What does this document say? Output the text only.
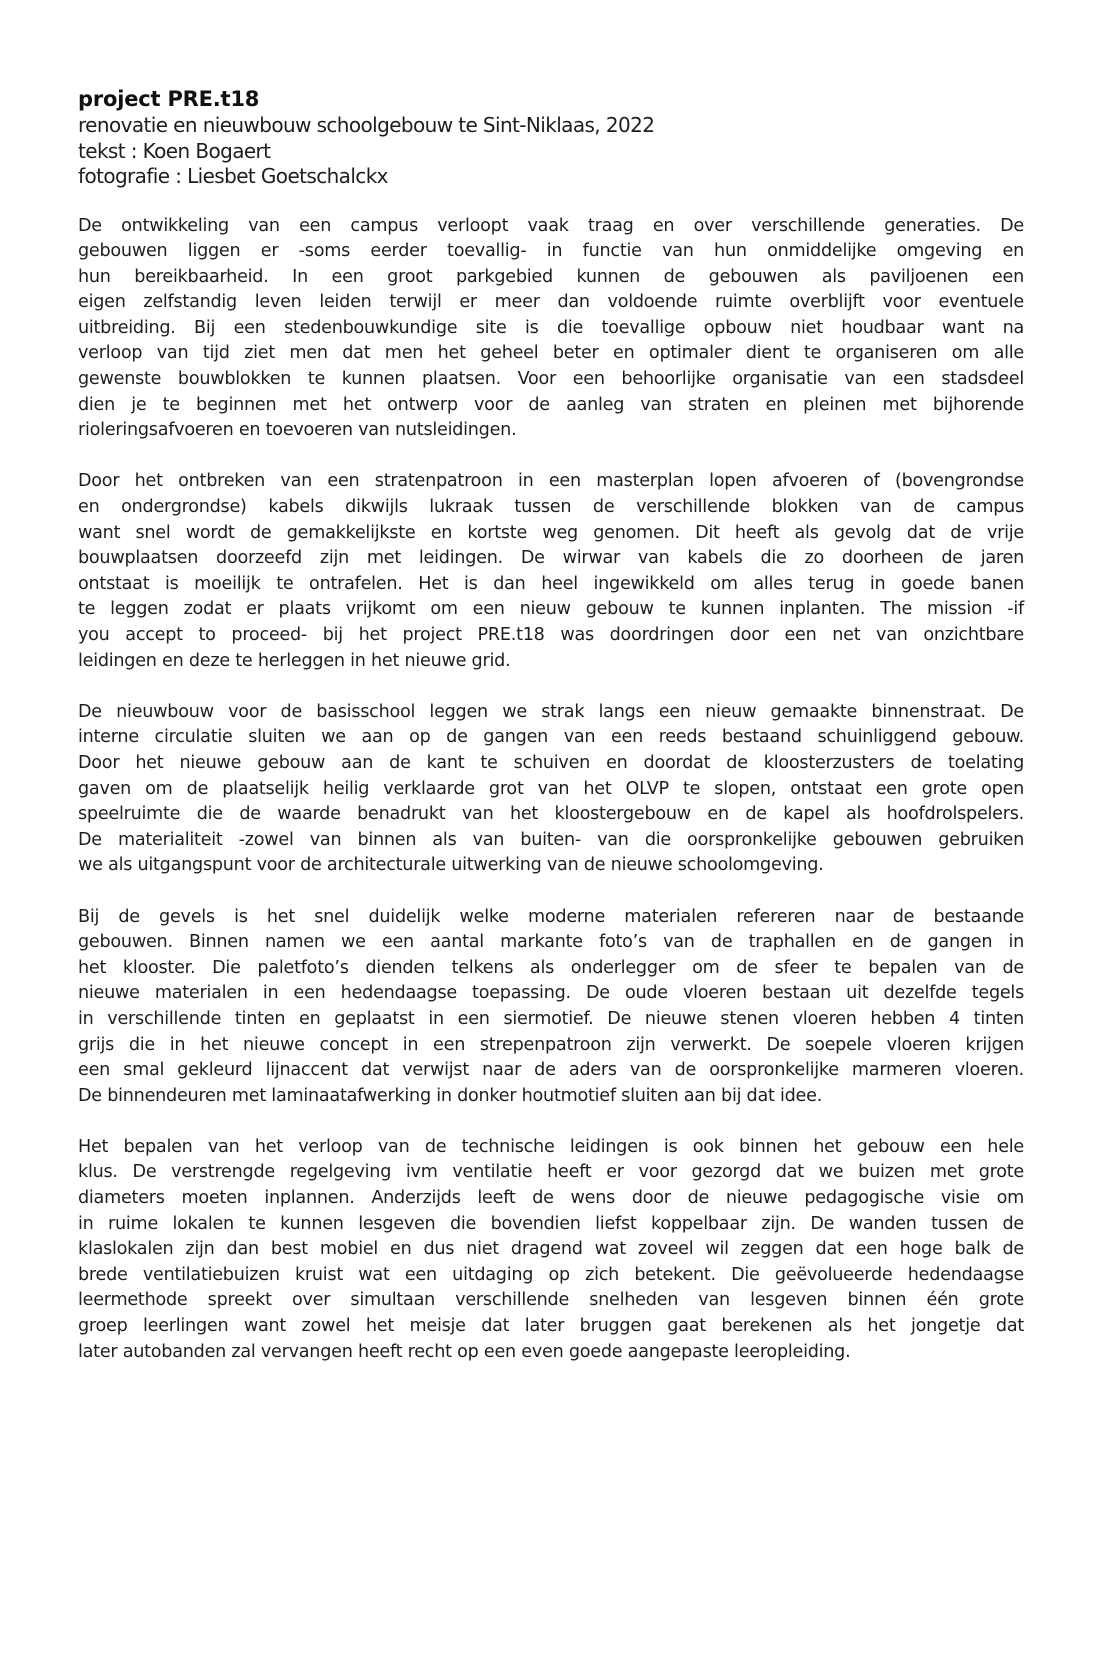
project PRE.t18

renovatie en nieuwbouw schoolgebouw te Sint-Niklaas, 2022

tekst : Koen Bogaert

fotografie : Liesbet Goetschalckx

De ontwikkeling van een campus verloopt vaak traag en over verschillende generaties. De
gebouwen liggen er -soms eerder toevallig- in functie van hun onmiddelijke omgeving en
hun bereikbaarheid. In een groot parkgebied kunnen de gebouwen als paviljoenen een
eigen zelfstandig leven leiden terwijl er meer dan voldoende ruimte overblijft voor eventuele
uitbreiding. Bij een stedenbouwkundige site is die toevallige opbouw niet houdbaar want na
verloop van tijd ziet men dat men het geheel beter en optimaler dient te organiseren om alle
gewenste bouwblokken te kunnen plaatsen. Voor een behoorlijke organisatie van een stadsdeel
dien je te beginnen met het ontwerp voor de aanleg van straten en pleinen met bijhorende
rioleringsafvoeren en toevoeren van nutsleidingen.
Door het ontbreken van een stratenpatroon in een masterplan lopen afvoeren of (bovengrondse
en ondergrondse) kabels dikwijls lukraak tussen de verschillende blokken van de campus
want snel wordt de gemakkelijkste en kortste weg genomen. Dit heeft als gevolg dat de vrije
bouwplaatsen doorzeefd zijn met leidingen. De wirwar van kabels die zo doorheen de jaren
ontstaat is moeilijk te ontrafelen. Het is dan heel ingewikkeld om alles terug in goede banen
te leggen zodat er plaats vrijkomt om een nieuw gebouw te kunnen inplanten. The mission -if
you accept to proceed- bij het project PRE.t18 was doordringen door een net van onzichtbare
leidingen en deze te herleggen in het nieuwe grid.
De nieuwbouw voor de basisschool leggen we strak langs een nieuw gemaakte binnenstraat. De
interne circulatie sluiten we aan op de gangen van een reeds bestaand schuinliggend gebouw.
Door het nieuwe gebouw aan de kant te schuiven en doordat de kloosterzusters de toelating
gaven om de plaatselijk heilig verklaarde grot van het OLVP te slopen, ontstaat een grote open
speelruimte die de waarde benadrukt van het kloostergebouw en de kapel als hoofdrolspelers.
De materialiteit -zowel van binnen als van buiten- van die oorspronkelijke gebouwen gebruiken
we als uitgangspunt voor de architecturale uitwerking van de nieuwe schoolomgeving.
Bij de gevels is het snel duidelijk welke moderne materialen refereren naar de bestaande
gebouwen. Binnen namen we een aantal markante foto’s van de traphallen en de gangen in
het klooster. Die paletfoto’s dienden telkens als onderlegger om de sfeer te bepalen van de
nieuwe materialen in een hedendaagse toepassing. De oude vloeren bestaan uit dezelfde tegels
in verschillende tinten en geplaatst in een siermotief. De nieuwe stenen vloeren hebben 4 tinten
grijs die in het nieuwe concept in een strepenpatroon zijn verwerkt. De soepele vloeren krijgen
een smal gekleurd lijnaccent dat verwijst naar de aders van de oorspronkelijke marmeren vloeren.
De binnendeuren met laminaatafwerking in donker houtmotief sluiten aan bij dat idee.
Het bepalen van het verloop van de technische leidingen is ook binnen het gebouw een hele
klus. De verstrengde regelgeving ivm ventilatie heeft er voor gezorgd dat we buizen met grote
diameters moeten inplannen. Anderzijds leeft de wens door de nieuwe pedagogische visie om
in ruime lokalen te kunnen lesgeven die bovendien liefst koppelbaar zijn. De wanden tussen de
klaslokalen zijn dan best mobiel en dus niet dragend wat zoveel wil zeggen dat een hoge balk de
brede ventilatiebuizen kruist wat een uitdaging op zich betekent. Die geëvolueerde hedendaagse
leermethode spreekt over simultaan verschillende snelheden van lesgeven binnen één grote
groep leerlingen want zowel het meisje dat later bruggen gaat berekenen als het jongetje dat
later autobanden zal vervangen heeft recht op een even goede aangepaste leeropleiding.
